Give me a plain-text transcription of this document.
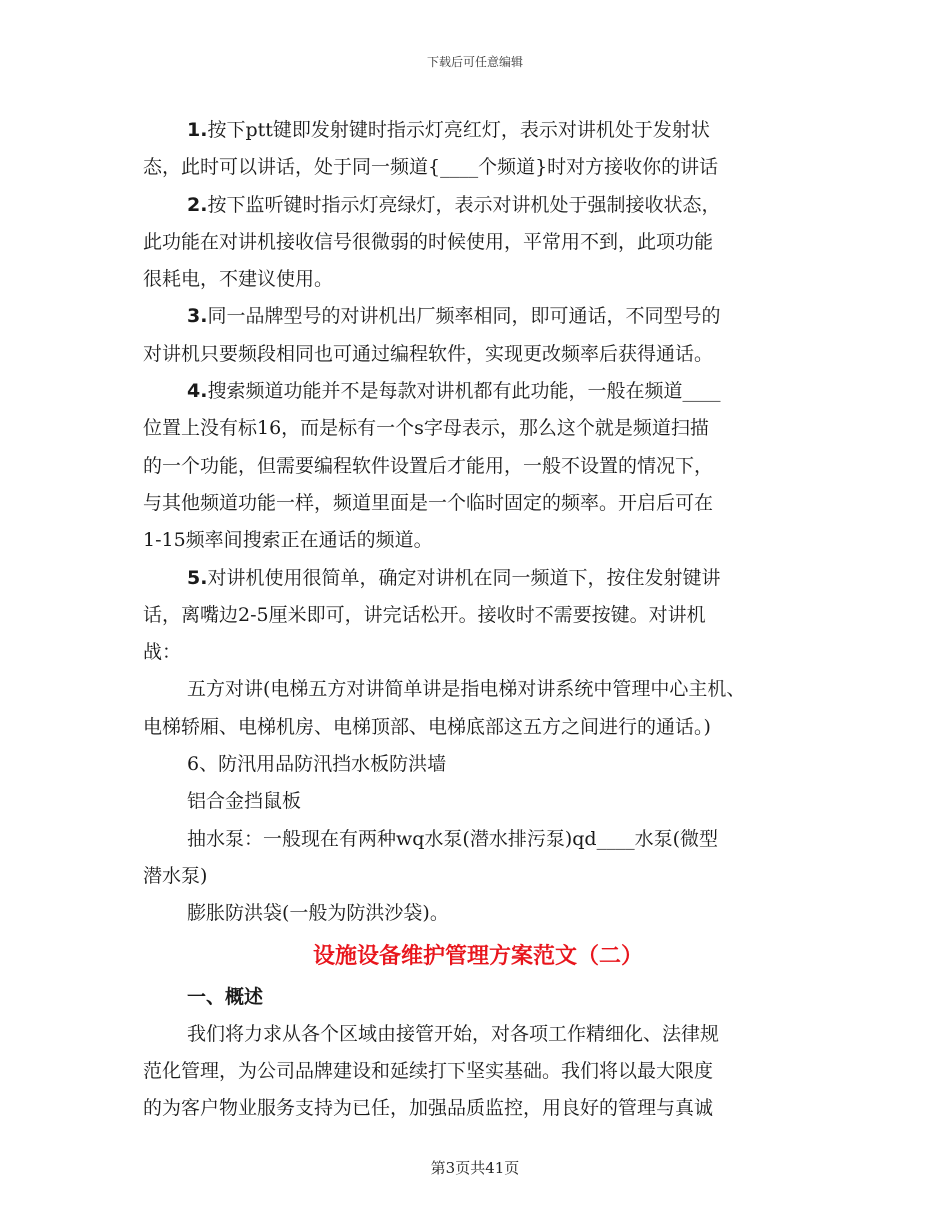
下载后可任意编辑
1.按下ptt键即发射键时指示灯亮红灯，表示对讲机处于发射状
态，此时可以讲话，处于同一频道{____个频道}时对方接收你的讲话
2.按下监听键时指示灯亮绿灯，表示对讲机处于强制接收状态，
此功能在对讲机接收信号很微弱的时候使用，平常用不到，此项功能
很耗电，不建议使用。
3.同一品牌型号的对讲机出厂频率相同，即可通话，不同型号的
对讲机只要频段相同也可通过编程软件，实现更改频率后获得通话。
4.搜索频道功能并不是每款对讲机都有此功能，一般在频道____
位置上没有标16，而是标有一个s字母表示，那么这个就是频道扫描
的一个功能，但需要编程软件设置后才能用，一般不设置的情况下，
与其他频道功能一样，频道里面是一个临时固定的频率。开启后可在
1-15频率间搜索正在通话的频道。
5.对讲机使用很简单，确定对讲机在同一频道下，按住发射键讲
话，离嘴边2-5厘米即可，讲完话松开。接收时不需要按键。对讲机
战：
五方对讲(电梯五方对讲简单讲是指电梯对讲系统中管理中心主机、
电梯轿厢、电梯机房、电梯顶部、电梯底部这五方之间进行的通话。)
6、防汛用品防汛挡水板防洪墙
铝合金挡鼠板
抽水泵：一般现在有两种wq水泵(潜水排污泵)qd____水泵(微型
潜水泵)
膨胀防洪袋(一般为防洪沙袋)。
设施设备维护管理方案范文（二）
一、概述
我们将力求从各个区域由接管开始，对各项工作精细化、法律规
范化管理，为公司品牌建设和延续打下坚实基础。我们将以最大限度
的为客户物业服务支持为已任，加强品质监控，用良好的管理与真诚
第3页共41页
